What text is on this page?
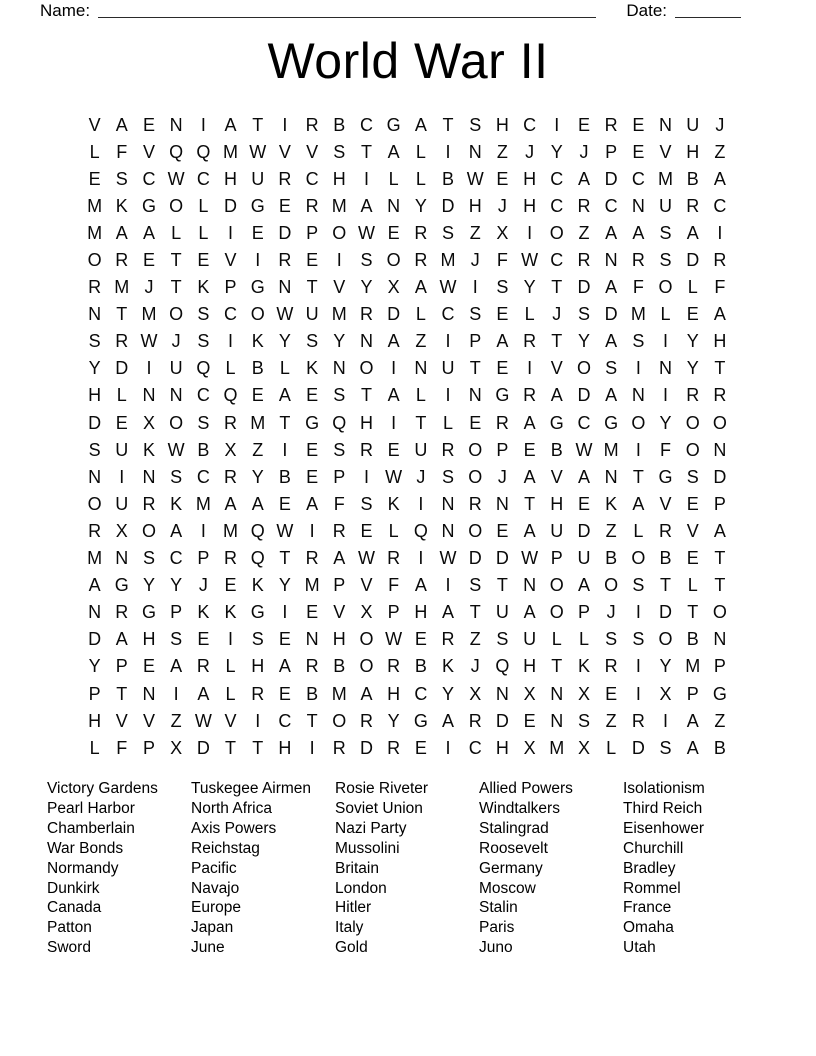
Name:	Date:
World War II
V A E N	I	A T	I	R B C G A T S H C	I	E R E N U J
L F V Q Q M W V V S T A L	I	N Z J Y J P E V H Z
E S C W C H U R C H	I	L L B W E H C A D C M B A
M K G O L D G E R M A N Y D H J H C R C N U R C
M A A L L	I	E D P O W E R S Z X	I O Z A A S A	I
O R E T E V	I	R E	I	S O R M J F W C R N R S D R
R M J T K P G N T V Y X A W I	S Y T D A F O L F
N T M O S C O W U M R D L C S E L J S D M L E A
S R W J S	I	K Y S Y N A Z	I	P A R T Y A S	I	Y H
Y D	I	U Q L B L K N O I	N U T E	I	V O S	I	N Y T
H L N N C Q E A E S T A L	I	N G R A D A N	I	R R
D E X O S R M T G Q H	I	T L E R A G C G O Y O O
S U K W B X Z	I	E S R E U R O P E B W M I	F O N
N	I	N S C R Y B E P	I W J S O J A V A N T G S D
O U R K M A A E A F S K	I	N R N T H E K A V E P
R X O A	I M Q W I	R E L Q N O E A U D Z L R V A
M N S C P R Q T R A W R	I W D D W P U B O B E T
A G Y Y J E K Y M P V F A	I	S T N O A O S T L T
N R G P K K G I	E V X P H A T U A O P J	I	D T O
D A H S E	I	S E N H O W E R Z S U L L S S O B N
Y P E A R L H A R B O R B K J Q H T K R	I	Y M P
P T N	I	A L R E B M A H C Y X N X N X E	I	X P G
H V V Z W V	I	C T O R Y G A R D E N S Z R	I	A Z
L F P X D T T H	I	R D R E	I	C H X M X L D S A B
Victory Gardens
Pearl Harbor
Chamberlain
War Bonds
Normandy
Dunkirk
Canada
Patton
Sword
Tuskegee Airmen
North Africa
Axis Powers
Reichstag
Pacific
Navajo
Europe
Japan
June
Rosie Riveter
Soviet Union
Nazi Party
Mussolini
Britain
London
Hitler
Italy
Gold
Allied Powers
Windtalkers
Stalingrad
Roosevelt
Germany
Moscow
Stalin
Paris
Juno
Isolationism
Third Reich
Eisenhower
Churchill
Bradley
Rommel
France
Omaha
Utah
